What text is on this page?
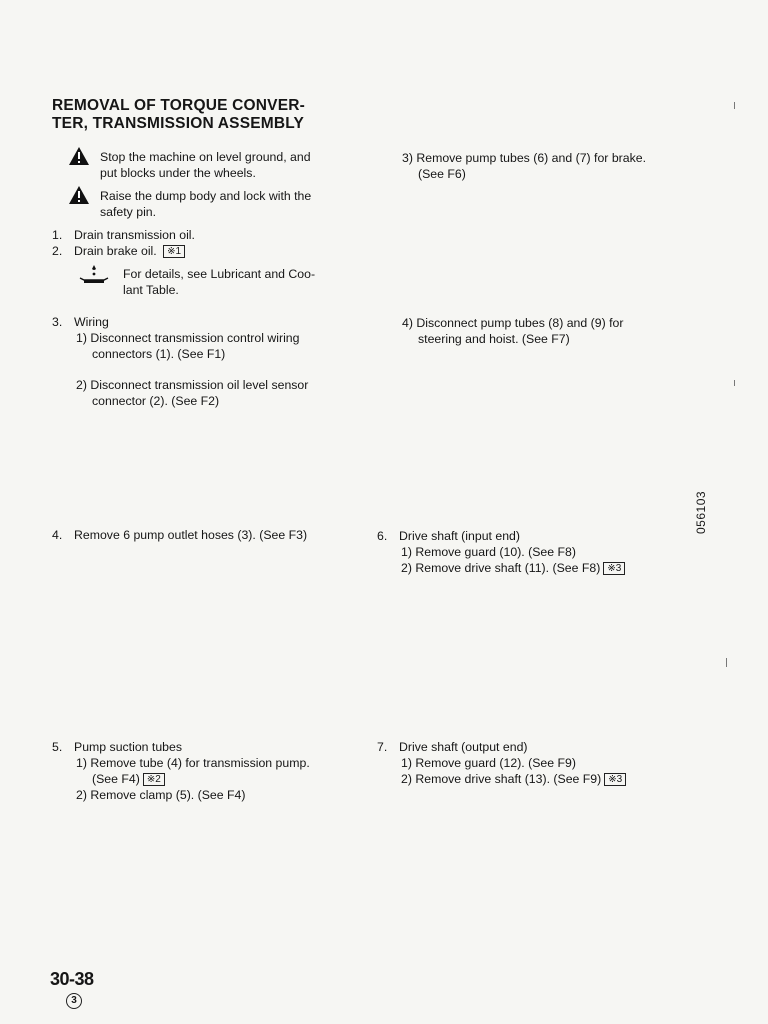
REMOVAL OF TORQUE CONVER-
TER, TRANSMISSION ASSEMBLY
Stop the machine on level ground, and
put blocks under the wheels.
Raise the dump body and lock with the
safety pin.
1. Drain transmission oil.
2. Drain brake oil. ※1
For details, see Lubricant and Coo-
lant Table.
3. Wiring
1) Disconnect transmission control wiring
connectors (1). (See F1)
2) Disconnect transmission oil level sensor
connector (2). (See F2)
4. Remove 6 pump outlet hoses (3). (See F3)
5. Pump suction tubes
1) Remove tube (4) for transmission pump.
(See F4) ※2
2) Remove clamp (5). (See F4)
3) Remove pump tubes (6) and (7) for brake.
(See F6)
4) Disconnect pump tubes (8) and (9) for
steering and hoist. (See F7)
6. Drive shaft (input end)
1) Remove guard (10). (See F8)
2) Remove drive shaft (11). (See F8) ※3
7. Drive shaft (output end)
1) Remove guard (12). (See F9)
2) Remove drive shaft (13). (See F9) ※3
056103
30-38
3
